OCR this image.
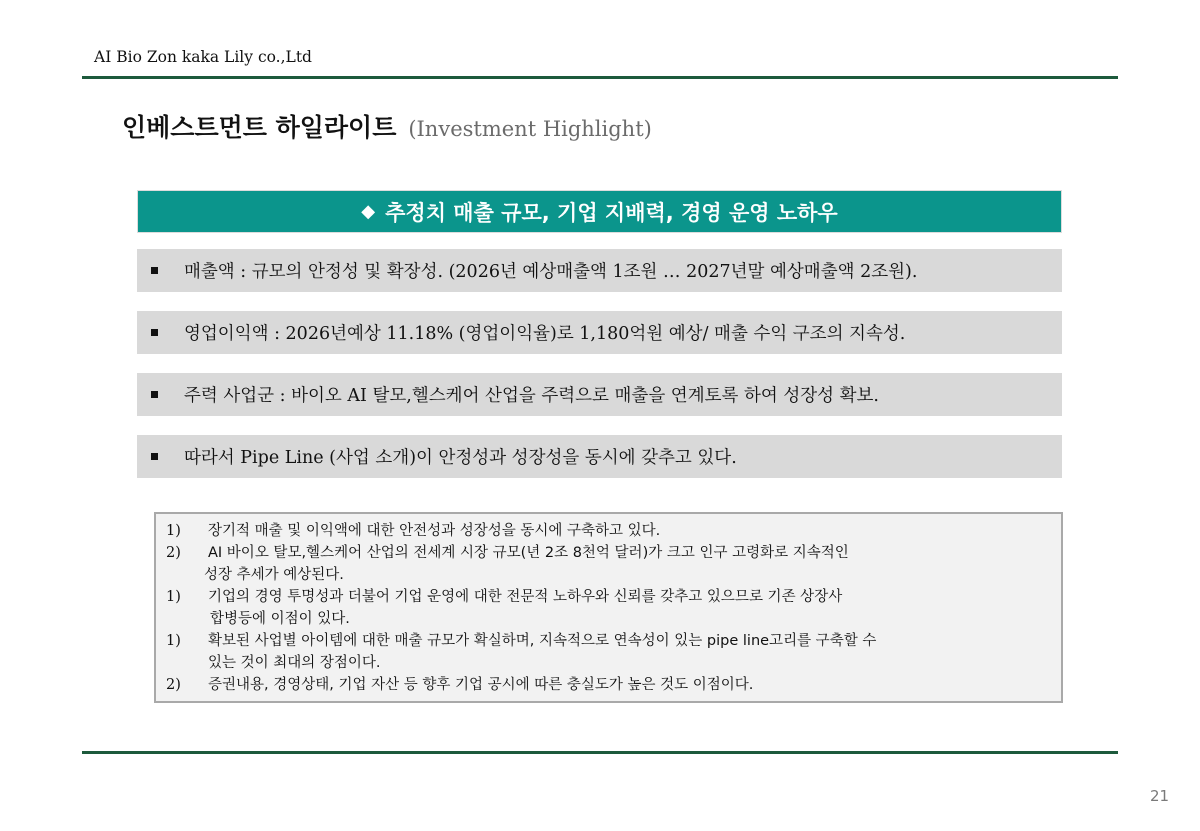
AI Bio Zon kaka Lily co.,Ltd
인베스트먼트 하일라이트 (Investment Highlight)
◆ 추정치 매출 규모, 기업 지배력, 경영 운영 노하우
매출액 : 규모의 안정성 및 확장성. (2026년 예상매출액 1조원 … 2027년말 예상매출액 2조원).
영업이익액 : 2026년예상 11.18% (영업이익율)로 1,180억원 예상/ 매출 수익 구조의 지속성.
주력 사업군 : 바이오 AI 탈모,헬스케어 산업을 주력으로 매출을 연계토록 하여 성장성 확보.
따라서 Pipe Line (사업 소개)이 안정성과 성장성을 동시에 갖추고 있다.
1)	장기적 매출 및 이익액에 대한 안전성과 성장성을 동시에 구축하고 있다.
2)	AI 바이오 탈모,헬스케어 산업의 전세계 시장 규모(년 2조 8천억 달러)가 크고 인구 고령화로 지속적인
성장 추세가 예상된다.
1)	기업의 경영 투명성과 더불어 기업 운영에 대한 전문적 노하우와 신뢰를 갖추고 있으므로 기존 상장사
합병등에 이점이 있다.
1)	확보된 사업별 아이템에 대한 매출 규모가 확실하며, 지속적으로 연속성이 있는 pipe line고리를 구축할 수
있는 것이 최대의 장점이다.
2)	증권내용, 경영상태, 기업 자산 등 향후 기업 공시에 따른 충실도가 높은 것도 이점이다.
21
